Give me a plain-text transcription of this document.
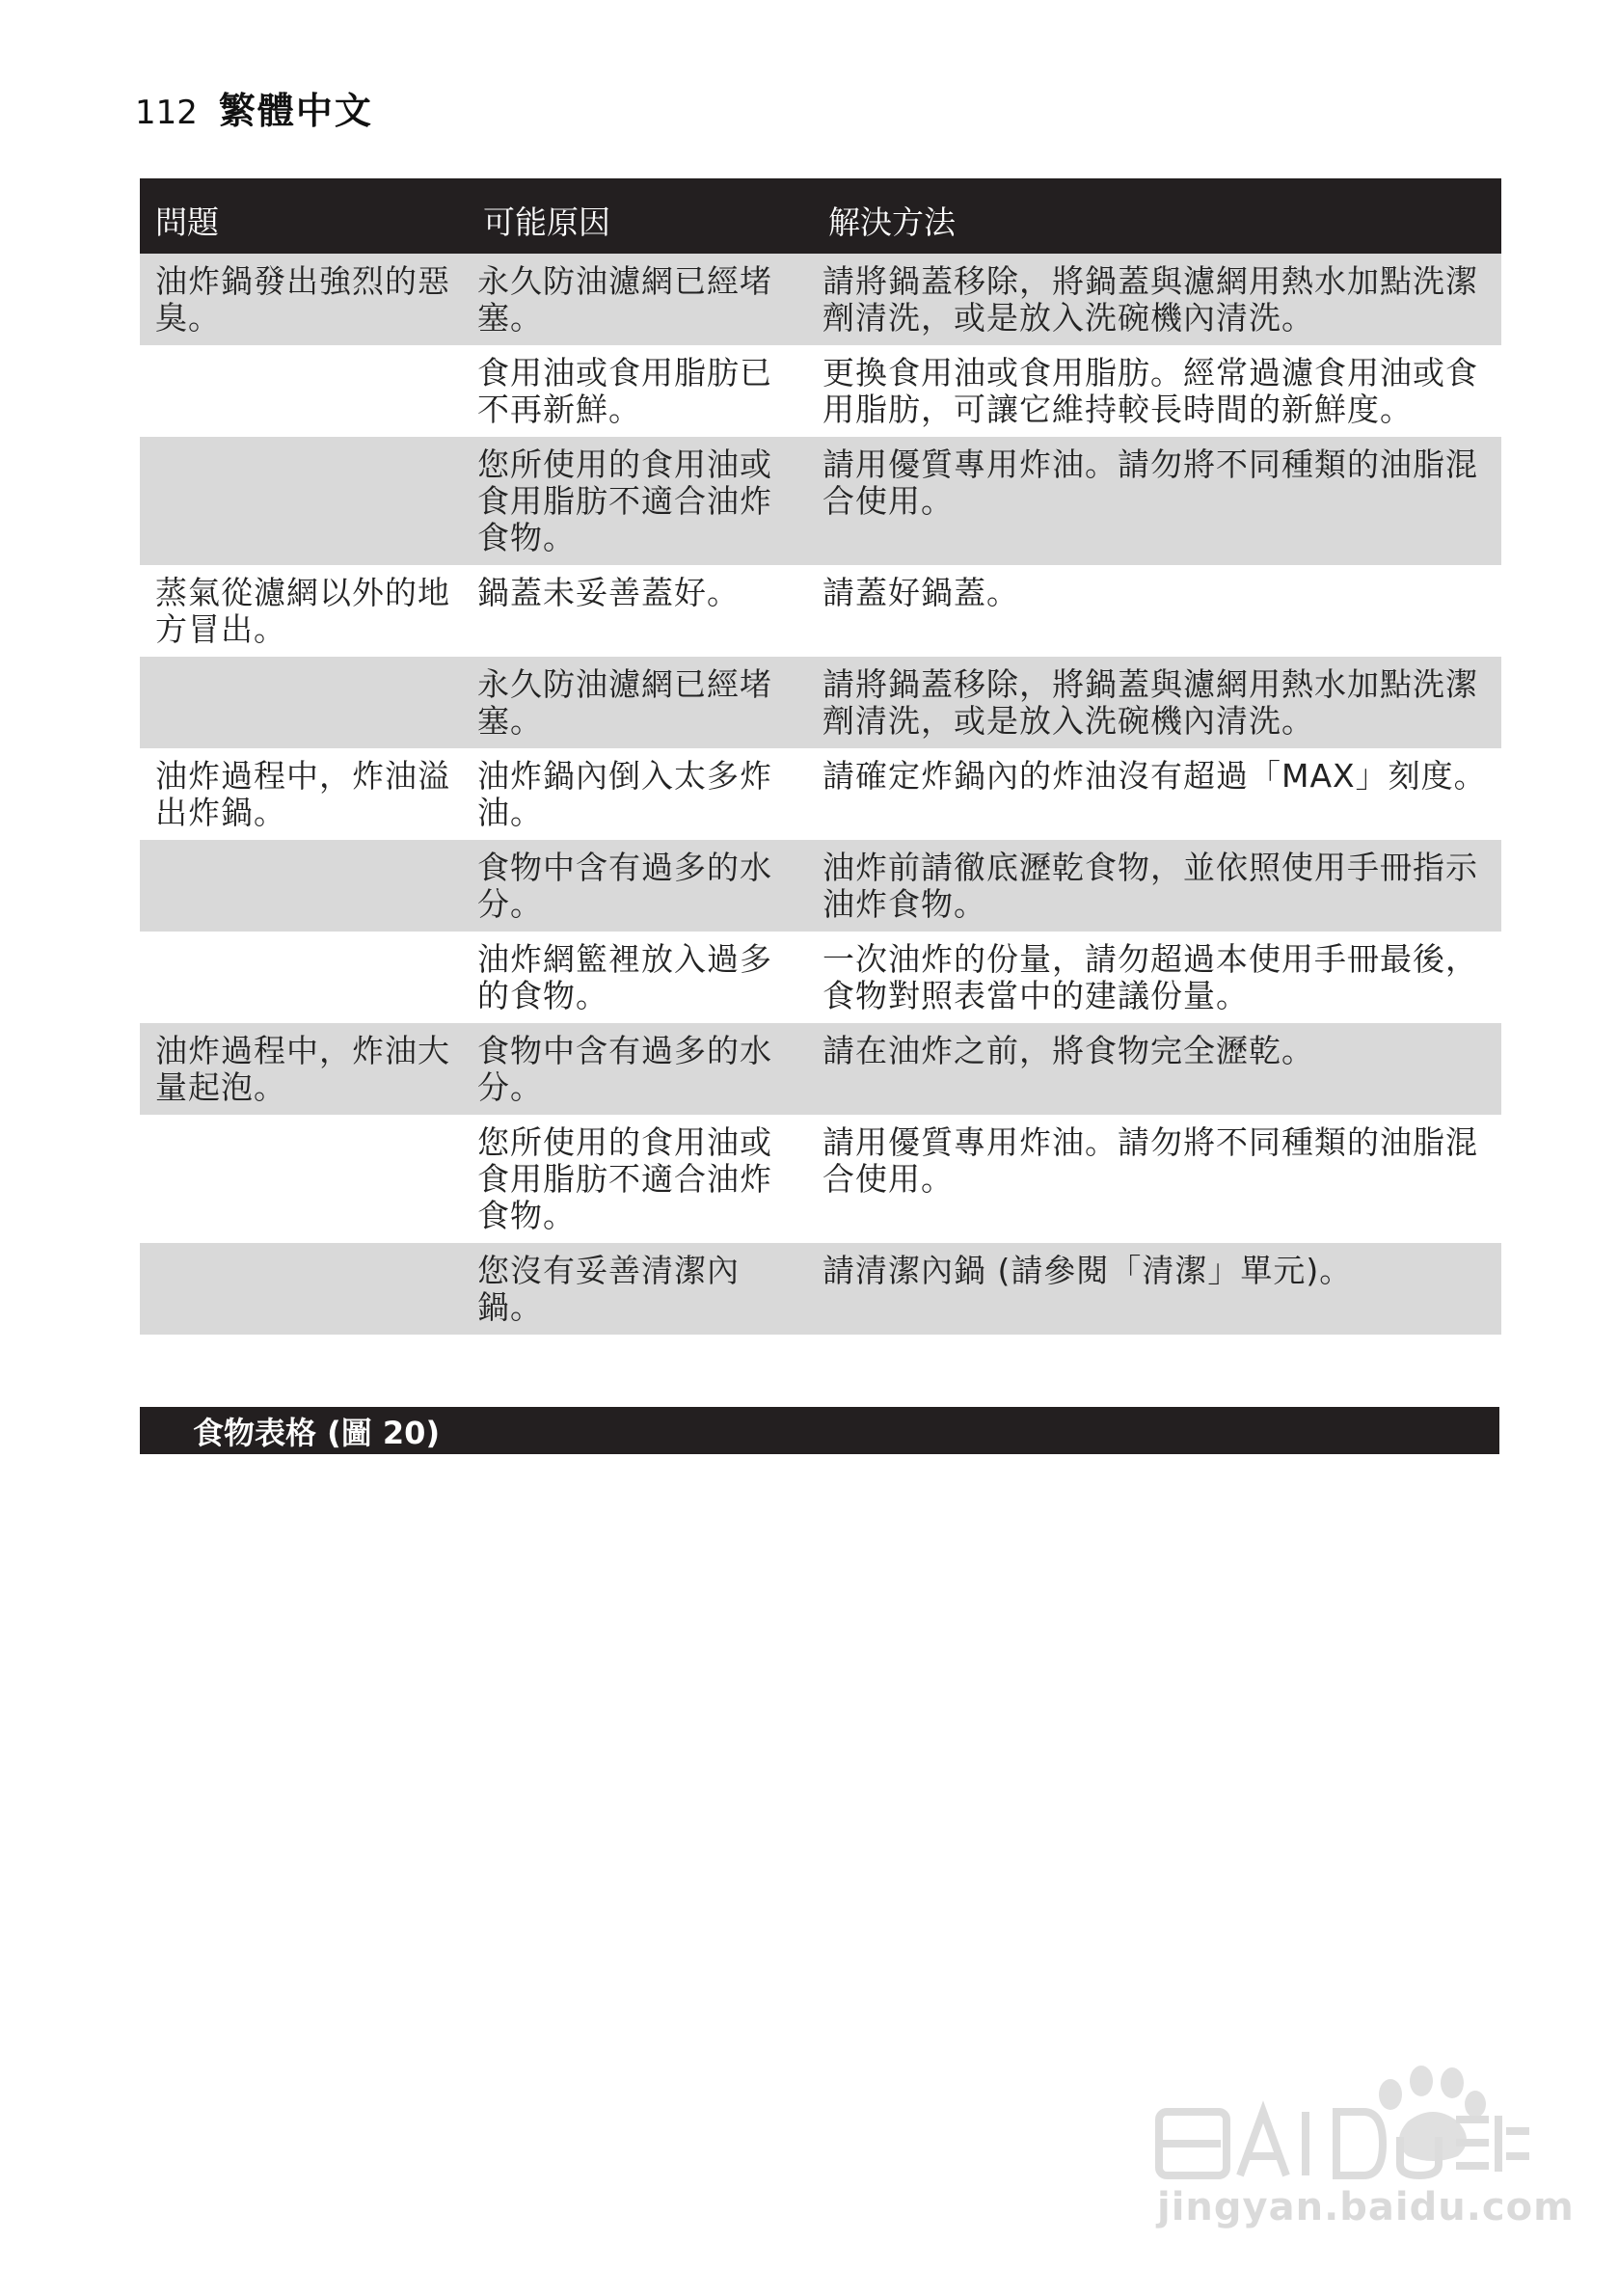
112 繁體中文
問題	可能原因	解決方法
油炸鍋發出強烈的惡臭。	永久防油濾網已經堵塞。	請將鍋蓋移除，將鍋蓋與濾網用熱水加點洗潔劑清洗，或是放入洗碗機內清洗。
	食用油或食用脂肪已不再新鮮。	更換食用油或食用脂肪。經常過濾食用油或食用脂肪，可讓它維持較長時間的新鮮度。
	您所使用的食用油或食用脂肪不適合油炸食物。	請用優質專用炸油。請勿將不同種類的油脂混合使用。
蒸氣從濾網以外的地方冒出。	鍋蓋未妥善蓋好。	請蓋好鍋蓋。
	永久防油濾網已經堵塞。	請將鍋蓋移除，將鍋蓋與濾網用熱水加點洗潔劑清洗，或是放入洗碗機內清洗。
油炸過程中，炸油溢出炸鍋。	油炸鍋內倒入太多炸油。	請確定炸鍋內的炸油沒有超過「MAX」刻度。
	食物中含有過多的水分。	油炸前請徹底瀝乾食物，並依照使用手冊指示油炸食物。
	油炸網籃裡放入過多的食物。	一次油炸的份量，請勿超過本使用手冊最後，食物對照表當中的建議份量。
油炸過程中，炸油大量起泡。	食物中含有過多的水分。	請在油炸之前，將食物完全瀝乾。
	您所使用的食用油或食用脂肪不適合油炸食物。	請用優質專用炸油。請勿將不同種類的油脂混合使用。
	您沒有妥善清潔內鍋。	請清潔內鍋 (請參閱「清潔」單元)。
食物表格 (圖 20)
jingyan.baidu.com
